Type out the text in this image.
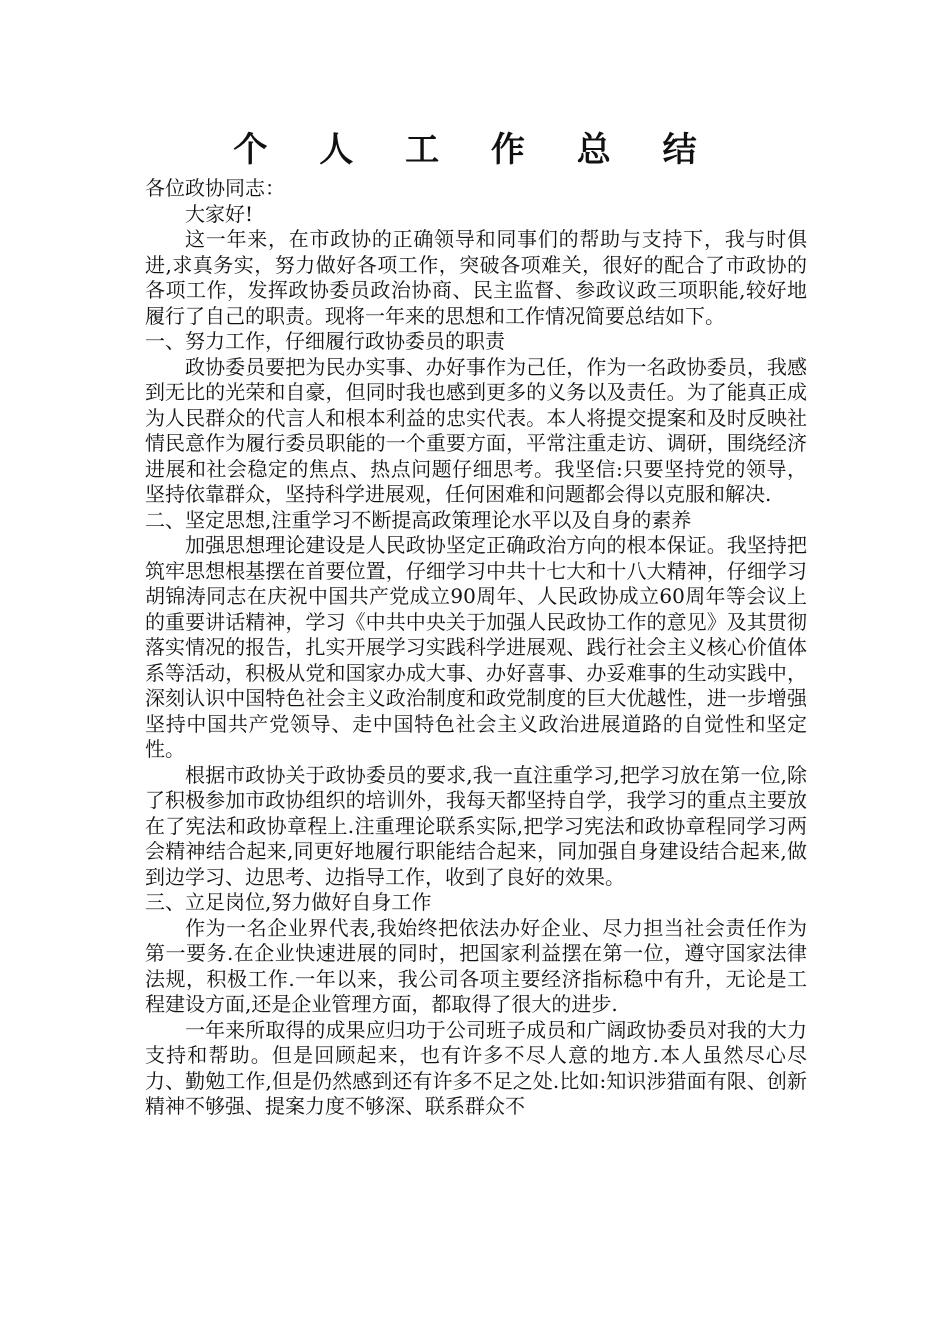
个 人 工 作 总 结

各位政协同志：

大家好!

这一年来，在市政协的正确领导和同事们的帮助与支持下，我与时俱进,求真务实，努力做好各项工作，突破各项难关，很好的配合了市政协的各项工作，发挥政协委员政治协商、民主监督、参政议政三项职能,较好地履行了自己的职责。现将一年来的思想和工作情况简要总结如下。

一、努力工作，仔细履行政协委员的职责

政协委员要把为民办实事、办好事作为己任，作为一名政协委员，我感到无比的光荣和自豪，但同时我也感到更多的义务以及责任。为了能真正成为人民群众的代言人和根本利益的忠实代表。本人将提交提案和及时反映社情民意作为履行委员职能的一个重要方面，平常注重走访、调研，围绕经济进展和社会稳定的焦点、热点问题仔细思考。我坚信:只要坚持党的领导，坚持依靠群众，坚持科学进展观，任何困难和问题都会得以克服和解决.

二、坚定思想,注重学习不断提高政策理论水平以及自身的素养

加强思想理论建设是人民政协坚定正确政治方向的根本保证。我坚持把筑牢思想根基摆在首要位置，仔细学习中共十七大和十八大精神，仔细学习胡锦涛同志在庆祝中国共产党成立90周年、人民政协成立60周年等会议上的重要讲话精神，学习《中共中央关于加强人民政协工作的意见》及其贯彻落实情况的报告，扎实开展学习实践科学进展观、践行社会主义核心价值体系等活动，积极从党和国家办成大事、办好喜事、办妥难事的生动实践中，深刻认识中国特色社会主义政治制度和政党制度的巨大优越性，进一步增强坚持中国共产党领导、走中国特色社会主义政治进展道路的自觉性和坚定性。

根据市政协关于政协委员的要求,我一直注重学习,把学习放在第一位,除了积极参加市政协组织的培训外，我每天都坚持自学，我学习的重点主要放在了宪法和政协章程上.注重理论联系实际,把学习宪法和政协章程同学习两会精神结合起来,同更好地履行职能结合起来，同加强自身建设结合起来,做到边学习、边思考、边指导工作，收到了良好的效果。

三、立足岗位,努力做好自身工作

作为一名企业界代表,我始终把依法办好企业、尽力担当社会责任作为第一要务.在企业快速进展的同时，把国家利益摆在第一位，遵守国家法律法规，积极工作.一年以来，我公司各项主要经济指标稳中有升，无论是工程建设方面,还是企业管理方面，都取得了很大的进步.

一年来所取得的成果应归功于公司班子成员和广阔政协委员对我的大力支持和帮助。但是回顾起来，也有许多不尽人意的地方.本人虽然尽心尽力、勤勉工作,但是仍然感到还有许多不足之处.比如:知识涉猎面有限、创新精神不够强、提案力度不够深、联系群众不
